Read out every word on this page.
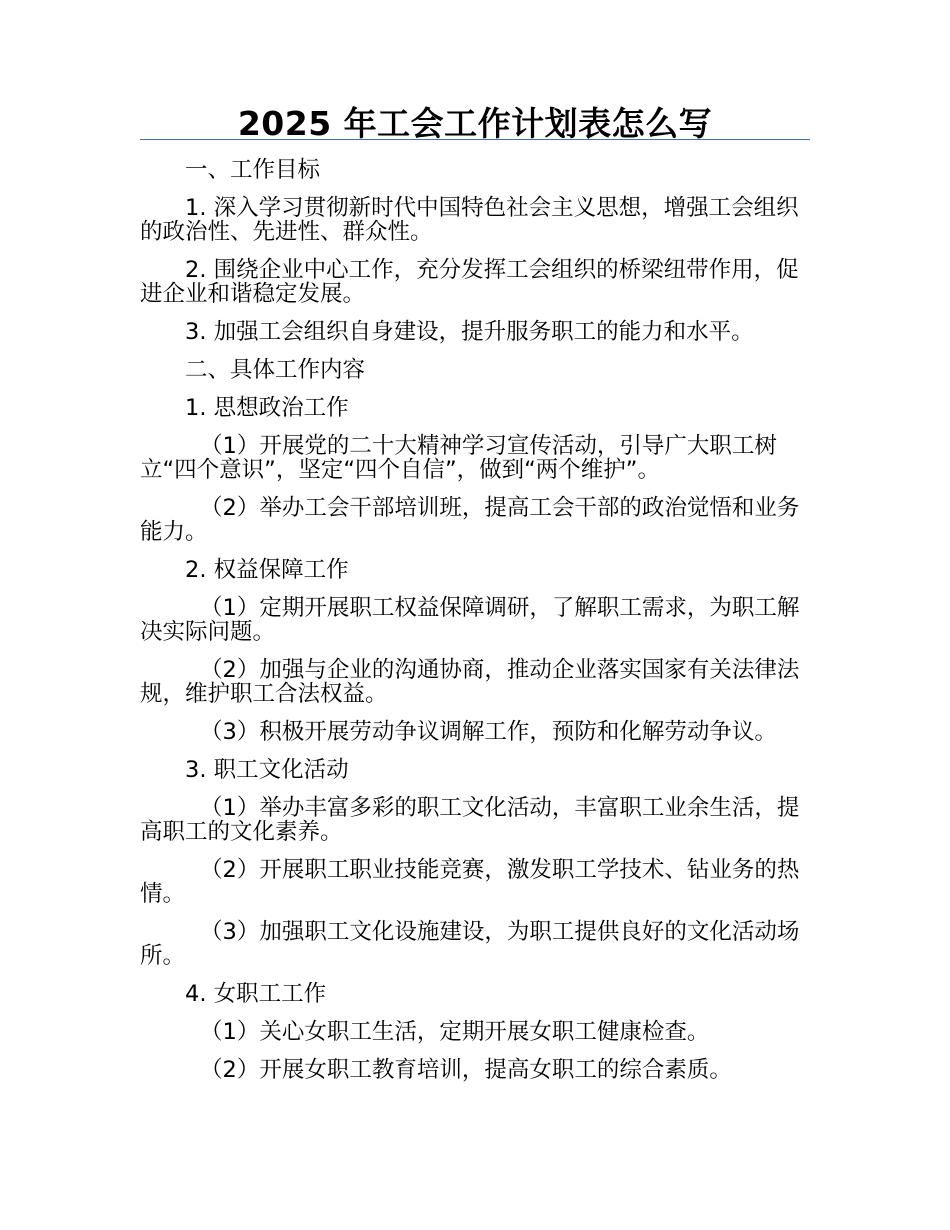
2025 年工会工作计划表怎么写

一、工作目标

1. 深入学习贯彻新时代中国特色社会主义思想，增强工会组织的政治性、先进性、群众性。

2. 围绕企业中心工作，充分发挥工会组织的桥梁纽带作用，促进企业和谐稳定发展。

3. 加强工会组织自身建设，提升服务职工的能力和水平。

二、具体工作内容

1. 思想政治工作

（1）开展党的二十大精神学习宣传活动，引导广大职工树立“四个意识”，坚定“四个自信”，做到“两个维护”。

（2）举办工会干部培训班，提高工会干部的政治觉悟和业务能力。

2. 权益保障工作

（1）定期开展职工权益保障调研，了解职工需求，为职工解决实际问题。

（2）加强与企业的沟通协商，推动企业落实国家有关法律法规，维护职工合法权益。

（3）积极开展劳动争议调解工作，预防和化解劳动争议。

3. 职工文化活动

（1）举办丰富多彩的职工文化活动，丰富职工业余生活，提高职工的文化素养。

（2）开展职工职业技能竞赛，激发职工学技术、钻业务的热情。

（3）加强职工文化设施建设，为职工提供良好的文化活动场所。

4. 女职工工作

（1）关心女职工生活，定期开展女职工健康检查。

（2）开展女职工教育培训，提高女职工的综合素质。
